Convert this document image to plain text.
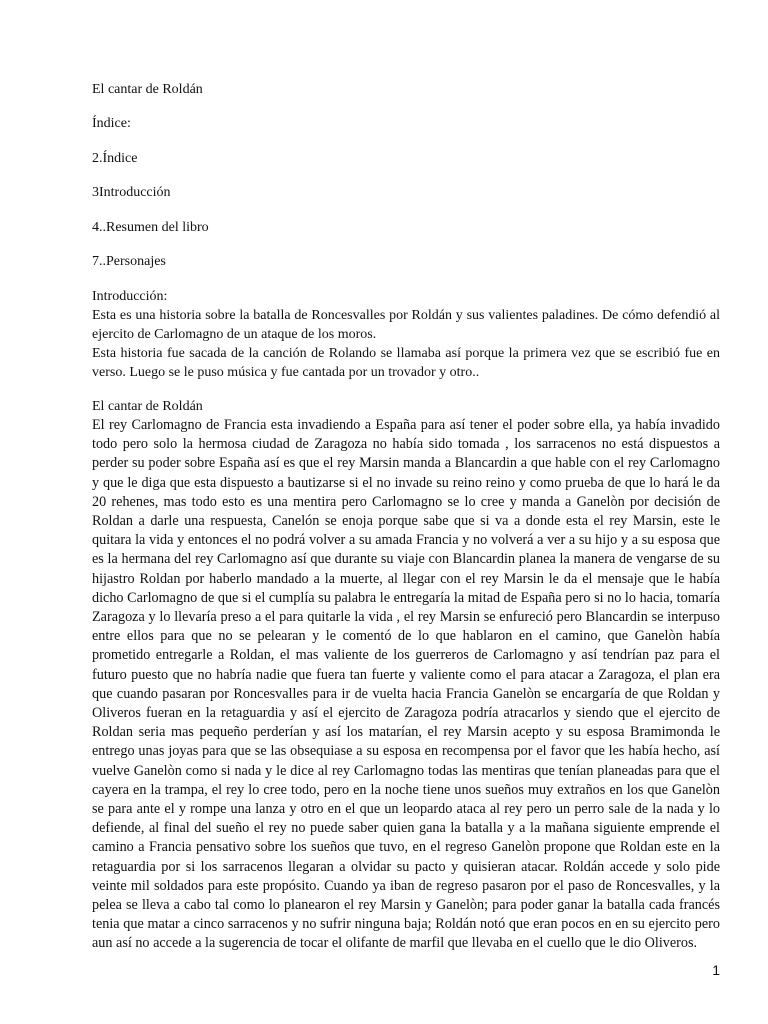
El cantar de Roldán

Índice:

2.Índice

3Introducción

4..Resumen del libro

7..Personajes

Introducción:

Esta es una historia sobre la batalla de Roncesvalles por Roldán y sus valientes paladines. De cómo defendió al ejercito de Carlomagno de un ataque de los moros.

Esta historia fue sacada de la canción de Rolando se llamaba así porque la primera vez que se escribió fue en verso. Luego se le puso música y fue cantada por un trovador y otro..

El cantar de Roldán

El rey Carlomagno de Francia esta invadiendo a España para así tener el poder sobre ella, ya había invadido todo pero solo la hermosa ciudad de Zaragoza no había sido tomada , los sarracenos no está dispuestos a perder su poder sobre España así es que el rey Marsin manda a Blancardin a que hable con el rey Carlomagno y que le diga que esta dispuesto a bautizarse si el no invade su reino reino y como prueba de que lo hará le da 20 rehenes, mas todo esto es una mentira pero Carlomagno se lo cree y manda a Ganelòn por decisión de Roldan a darle una respuesta, Canelón se enoja porque sabe que si va a donde esta el rey Marsin, este le quitara la vida y entonces el no podrá volver a su amada Francia y no volverá a ver a su hijo y a su esposa que es la hermana del rey Carlomagno así que durante su viaje con Blancardin planea la manera de vengarse de su hijastro Roldan por haberlo mandado a la muerte, al llegar con el rey Marsin le da el mensaje que le había dicho Carlomagno de que si el cumplía su palabra le entregaría la mitad de España pero si no lo hacia, tomaría Zaragoza y lo llevaría preso a el para quitarle la vida , el rey Marsin se enfureció pero Blancardin se interpuso entre ellos para que no se pelearan y le comentó de lo que hablaron en el camino, que Ganelòn había prometido entregarle a Roldan, el mas valiente de los guerreros de Carlomagno y así tendrían paz para el futuro puesto que no habría nadie que fuera tan fuerte y valiente como el para atacar a Zaragoza, el plan era que cuando pasaran por Roncesvalles para ir de vuelta hacia Francia Ganelòn se encargaría de que Roldan y Oliveros fueran en la retaguardia y así el ejercito de Zaragoza podría atracarlos y siendo que el ejercito de Roldan seria mas pequeño perderían y así los matarían, el rey Marsin acepto y su esposa Bramimonda le entrego unas joyas para que se las obsequiase a su esposa en recompensa por el favor que les había hecho, así vuelve Ganelòn como si nada y le dice al rey Carlomagno todas las mentiras que tenían planeadas para que el cayera en la trampa, el rey lo cree todo, pero en la noche tiene unos sueños muy extraños en los que Ganelòn se para ante el y rompe una lanza y otro en el que un leopardo ataca al rey pero un perro sale de la nada y lo defiende, al final del sueño el rey no puede saber quien gana la batalla y a la mañana siguiente emprende el camino a Francia pensativo sobre los sueños que tuvo, en el regreso Ganelòn propone que Roldan este en la retaguardia por si los sarracenos llegaran a olvidar su pacto y quisieran atacar. Roldán accede y solo pide veinte mil soldados para este propósito. Cuando ya iban de regreso pasaron por el paso de Roncesvalles, y la pelea se lleva a cabo tal como lo planearon el rey Marsin y Ganelòn; para poder ganar la batalla cada francés tenia que matar a cinco sarracenos y no sufrir ninguna baja; Roldán notó que eran pocos en en su ejercito pero aun así no accede a la sugerencia de tocar el olifante de marfil que llevaba en el cuello que le dio Oliveros.

1
